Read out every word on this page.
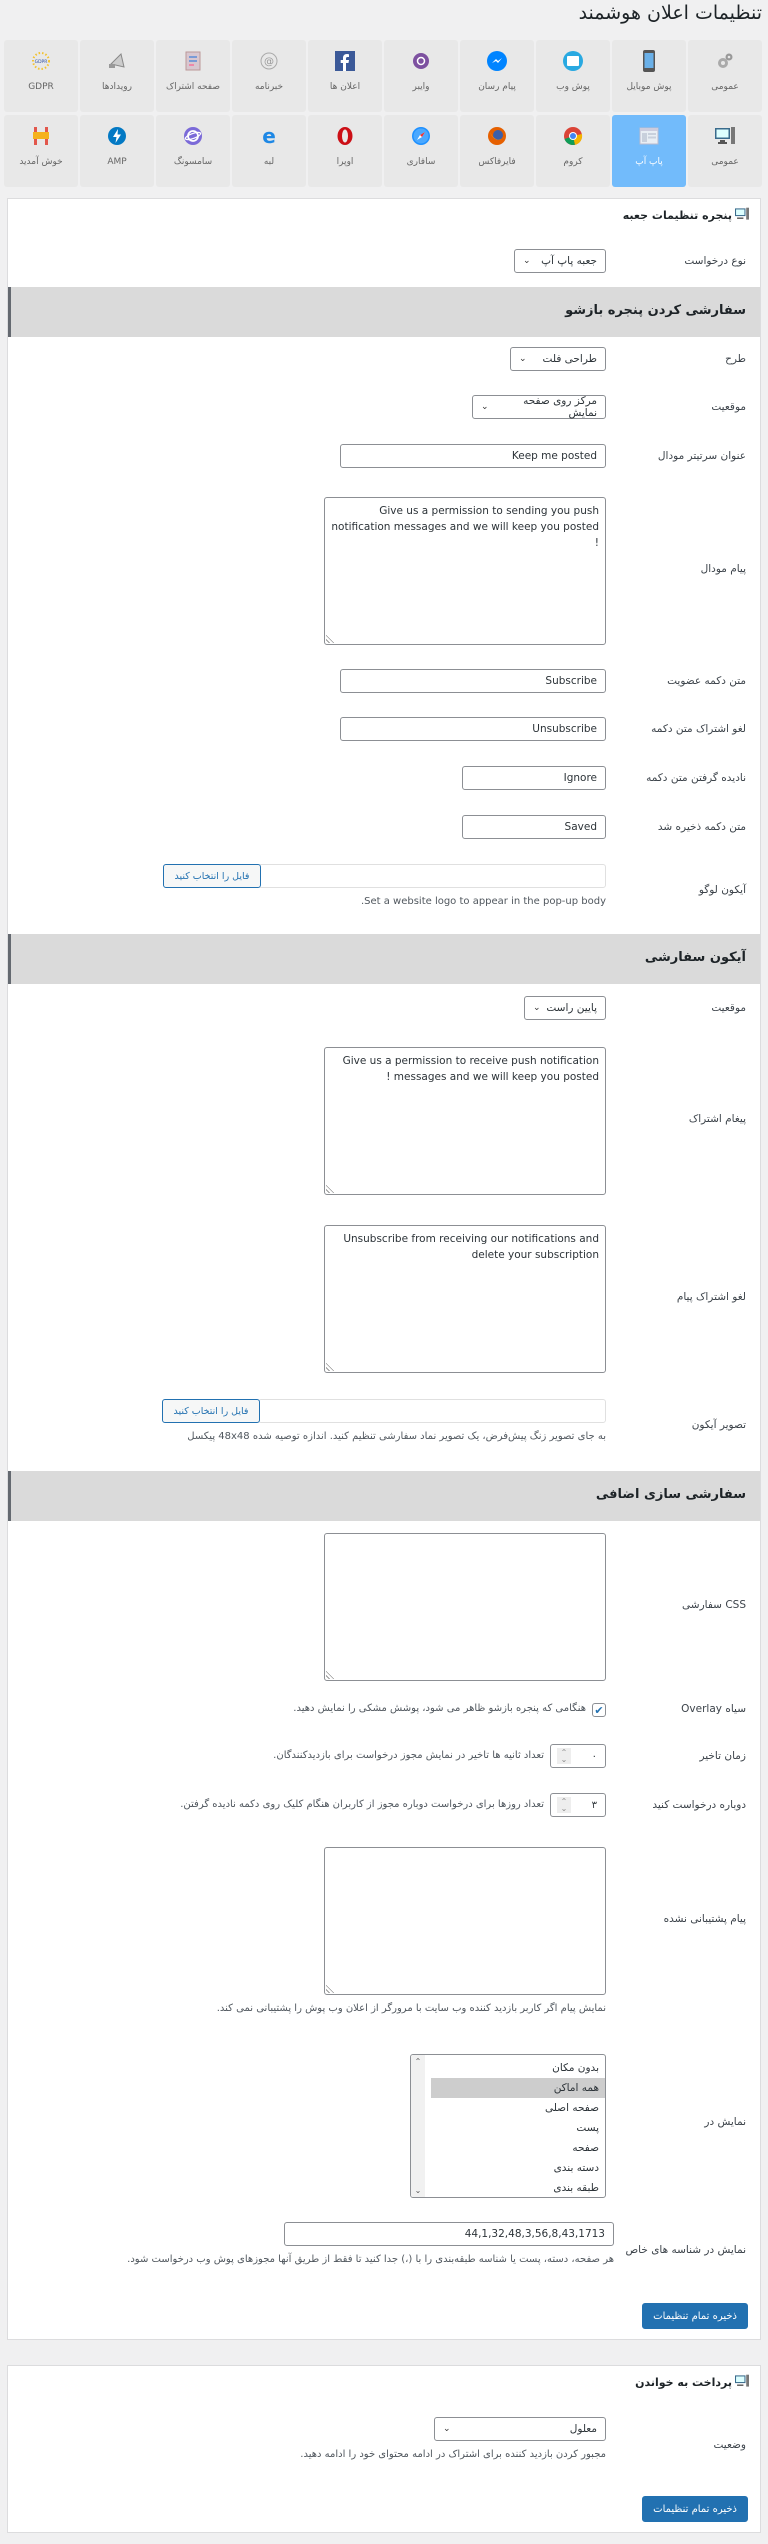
تنظیمات اعلان هوشمند
عمومی
پوش موبایل
پوش وب
پیام رسان
وایبر
اعلان ها
@
خبرنامه
صفحه اشتراک
رویدادها
GDPR
GDPR
عمومی
پاپ آپ
کروم
فایرفاکس
سافاری
اوپرا
e
لبه
سامسونگ
AMP
خوش آمدید
پنجره تنظیمات جعبه
نوع درخواست
جعبه پاپ آپ
⌄
سفارشی کردن پنجره بازشو
طرح
طراحی فلت
⌄
موقعیت
مرکز روی صفحه نمایش
⌄
عنوان سرتیتر مودال
Keep me posted
پیام مودال
Give us a permission to sending you push notification messages and we will keep you posted !
متن دکمه عضویت
Subscribe
لغو اشتراک متن دکمه
Unsubscribe
نادیده گرفتن متن دکمه
Ignore
متن دکمه ذخیره شد
Saved
آیکون لوگو
فایل را انتخاب کنید
.Set a website logo to appear in the pop-up body
آیکون سفارشی
موقعیت
پایین راست
⌄
پیغام اشتراک
Give us a permission to receive push notification messages and we will keep you posted !
لغو اشتراک پیام
Unsubscribe from receiving our notifications and delete your subscription
تصویر آیکون
فایل را انتخاب کنید
به جای تصویر زنگ پیش‌فرض، یک تصویر نماد سفارشی تنظیم کنید. اندازه توصیه شده 48x48 پیکسل
سفارشی سازی اضافی
CSS سفارشی
سیاه Overlay
✔
هنگامی که پنجره بازشو ظاهر می شود، پوشش مشکی را نمایش دهید.
زمان تاخیر
۰
⌃
⌄
تعداد ثانیه ها تاخیر در نمایش مجوز درخواست برای بازدیدکنندگان.
دوباره درخواست کنید
۳
⌃
⌄
تعداد روزها برای درخواست دوباره مجوز از کاربران هنگام کلیک روی دکمه نادیده گرفتن.
پیام پشتیبانی نشده
نمایش پیام اگر کاربر بازدید کننده وب سایت با مرورگر از اعلان وب پوش را پشتیبانی نمی کند.
نمایش در
⌃
⌄
بدون مکان
همه اماکن
صفحه اصلی
پست
صفحه
دسته بندی
طبقه بندی
نمایش در شناسه های خاص
44,1,32,48,3,56,8,43,1713
هر صفحه، دسته، پست یا شناسه طبقه‌بندی را با (،) جدا کنید تا فقط از طریق آنها مجوزهای پوش وب درخواست شود.
ذخیره تمام تنظیمات
پرداخت به خواندن
وضعیت
معلول
⌄
مجبور کردن بازدید کننده برای اشتراک در ادامه محتوای خود را ادامه دهید.
ذخیره تمام تنظیمات
